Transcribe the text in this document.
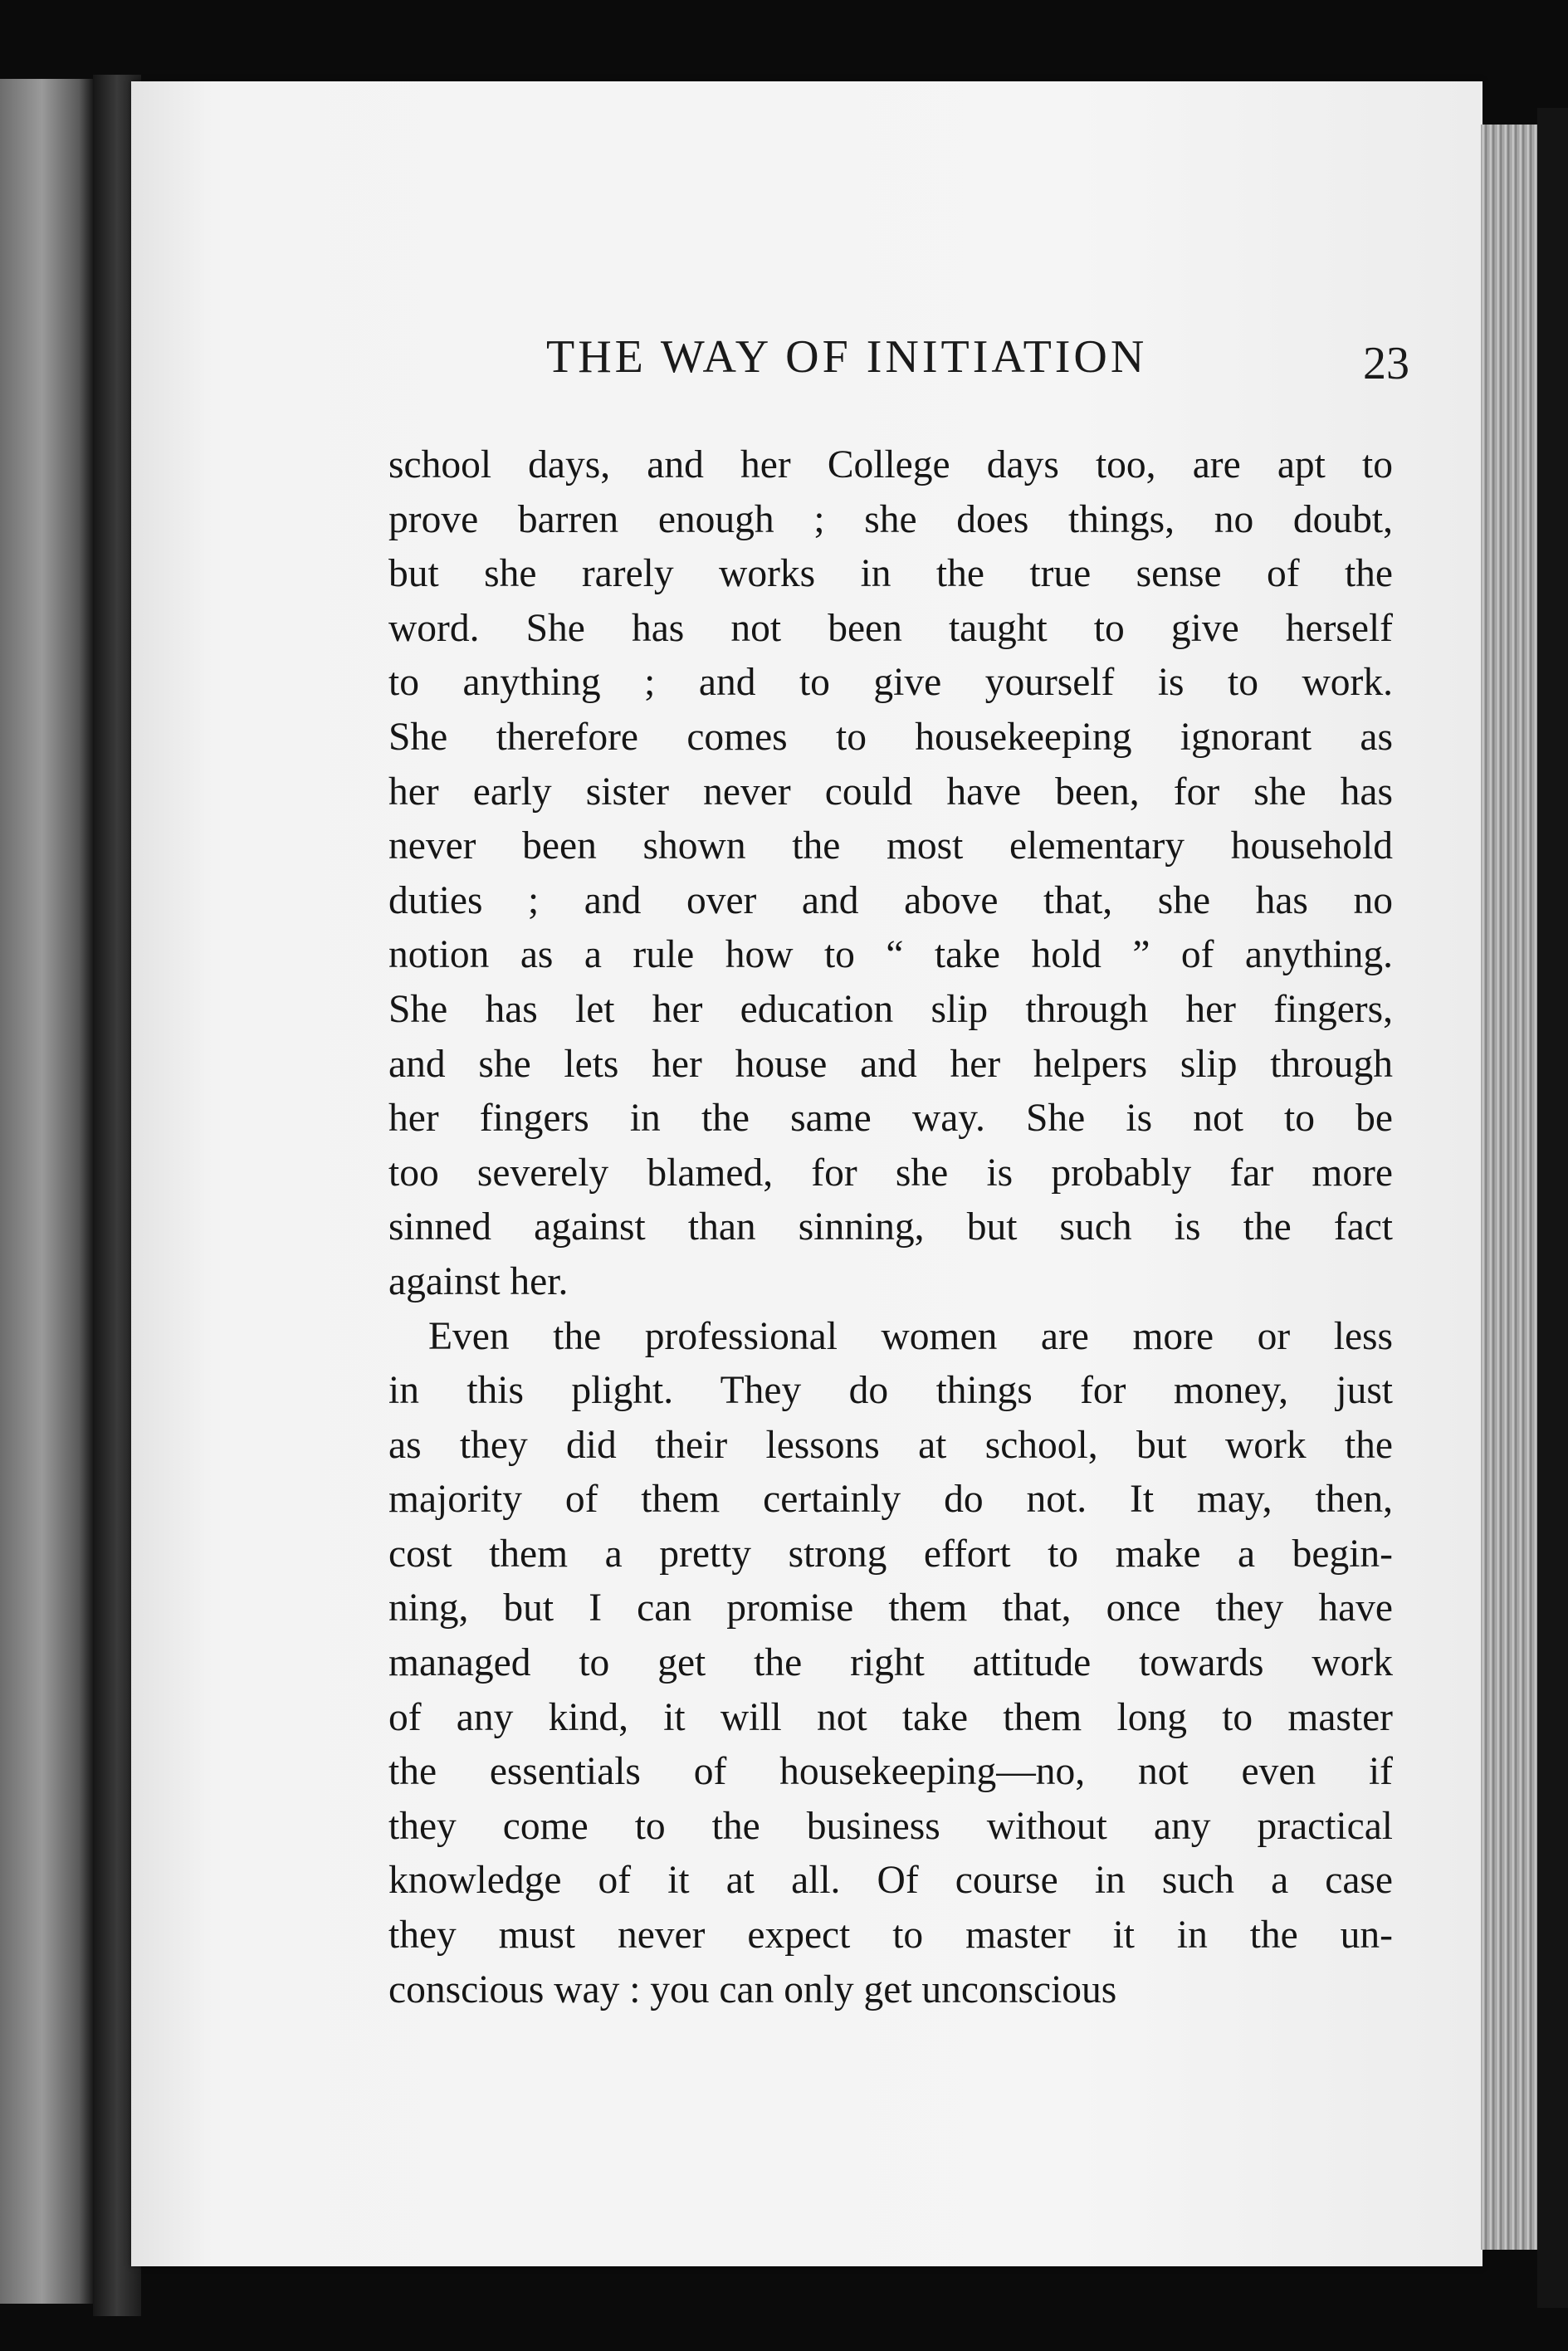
THE WAY OF INITIATION	23
school days, and her College days too, are apt to
prove barren enough ; she does things, no doubt,
but she rarely works in the true sense of the
word. She has not been taught to give herself
to anything ; and to give yourself is to work.
She therefore comes to housekeeping ignorant as
her early sister never could have been, for she has
never been shown the most elementary household
duties ; and over and above that, she has no
notion as a rule how to “ take hold ” of anything.
She has let her education slip through her fingers,
and she lets her house and her helpers slip through
her fingers in the same way. She is not to be
too severely blamed, for she is probably far more
sinned against than sinning, but such is the fact
against her.
Even the professional women are more or less
in this plight. They do things for money, just
as they did their lessons at school, but work the
majority of them certainly do not. It may, then,
cost them a pretty strong effort to make a begin-
ning, but I can promise them that, once they have
managed to get the right attitude towards work
of any kind, it will not take them long to master
the essentials of housekeeping—no, not even if
they come to the business without any practical
knowledge of it at all. Of course in such a case
they must never expect to master it in the un-
conscious way : you can only get unconscious
